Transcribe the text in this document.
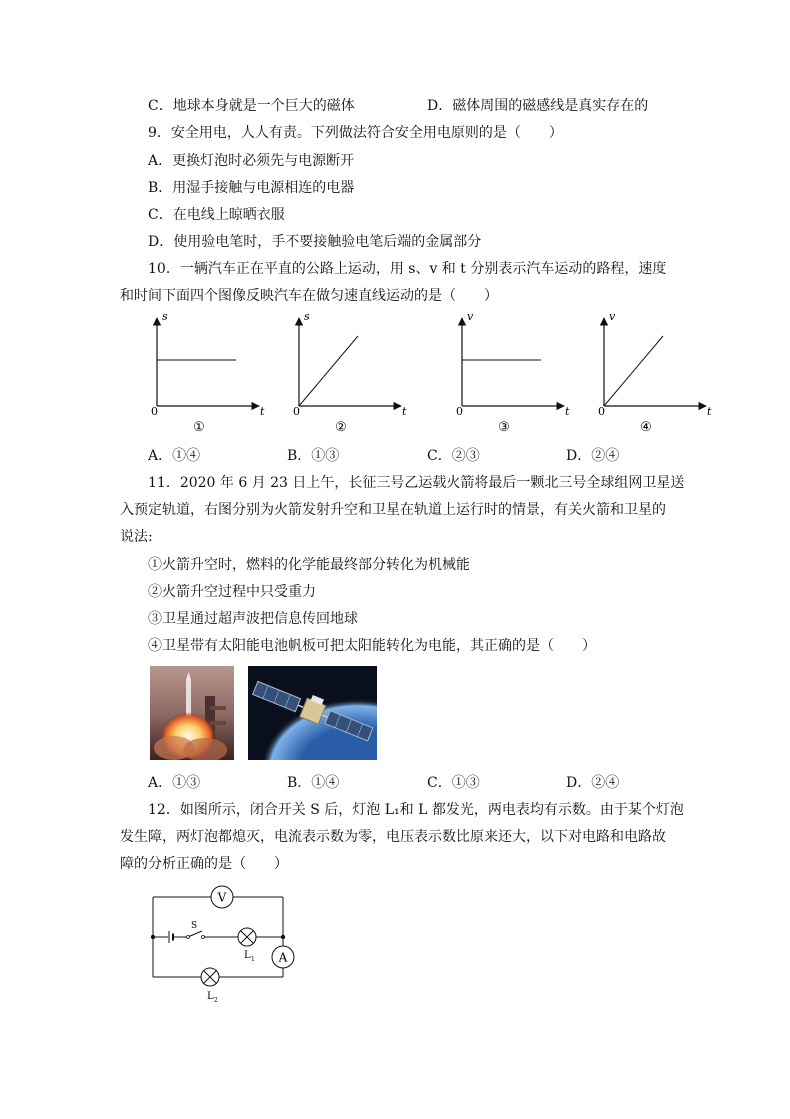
C．地球本身就是一个巨大的磁体	D．磁体周围的磁感线是真实存在的
9．安全用电，人人有责。下列做法符合安全用电原则的是（　　）
A．更换灯泡时必须先与电源断开
B．用湿手接触与电源相连的电器
C．在电线上晾晒衣服
D．使用验电笔时，手不要接触验电笔后端的金属部分
10．一辆汽车正在平直的公路上运动，用 s、v 和 t 分别表示汽车运动的路程，速度
和时间下面四个图像反映汽车在做匀速直线运动的是（　　）
s
t
0
①
s
t
0
②
v
t
0
③
v
t
0
④
A．①④	B．①③	C．②③	D．②④
11．2020 年 6 月 23 日上午，长征三号乙运载火箭将最后一颗北三号全球组网卫星送
入预定轨道，右图分别为火箭发射升空和卫星在轨道上运行时的情景，有关火箭和卫星的
说法:
①火箭升空时，燃料的化学能最终部分转化为机械能
②火箭升空过程中只受重力
③卫星通过超声波把信息传回地球
④卫星带有太阳能电池帆板可把太阳能转化为电能，其正确的是（　　）
A．①③	B．①④	C．①③	D．②④
12．如图所示，闭合开关 S 后，灯泡 L₁和 L 都发光，两电表均有示数。由于某个灯泡
发生障，两灯泡都熄灭，电流表示数为零，电压表示数比原来还大，以下对电路和电路故
障的分析正确的是（　　）
V
A
S
L 1
L 2
